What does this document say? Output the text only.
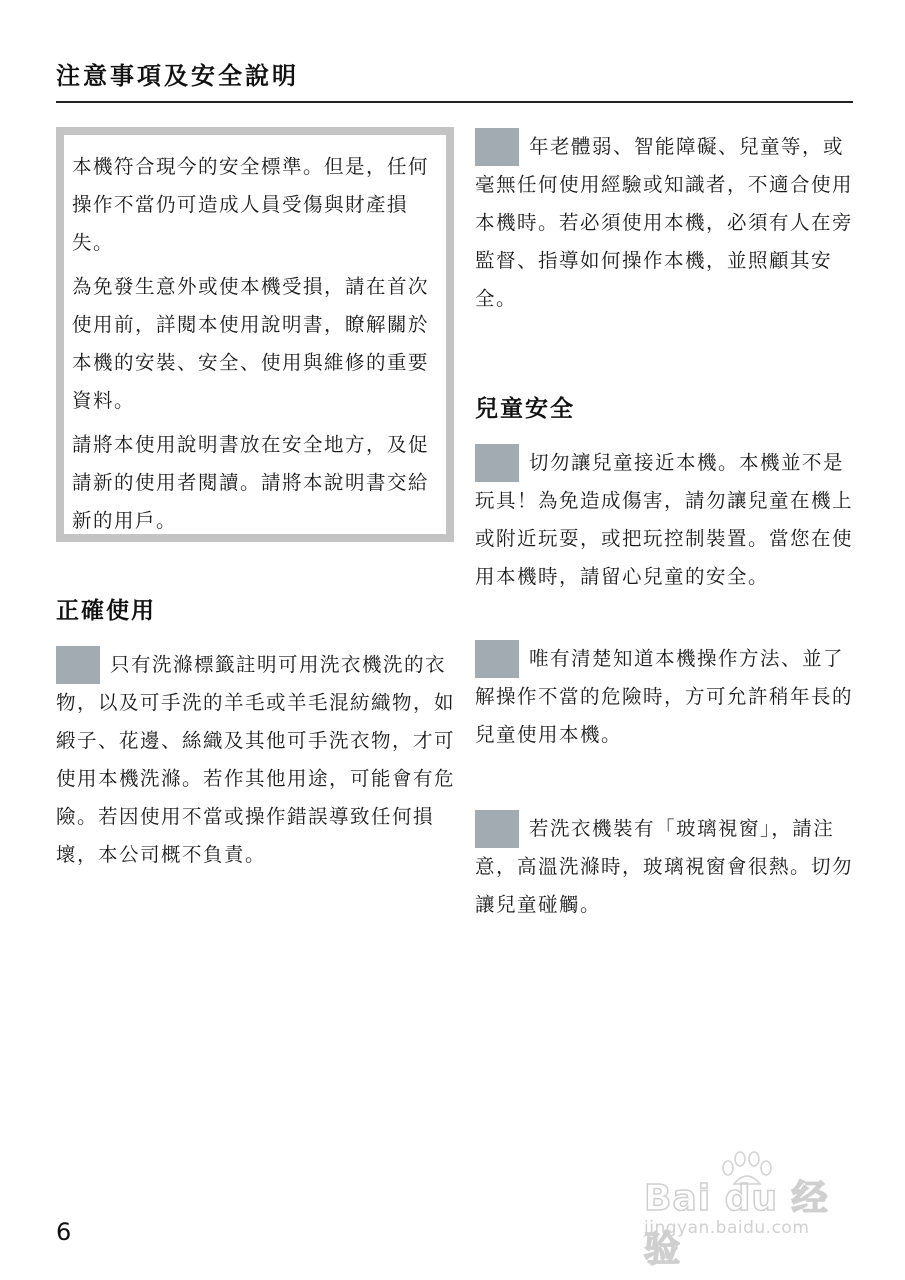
注意事項及安全說明

本機符合現今的安全標準。但是，任何操作不當仍可造成人員受傷與財產損失。

為免發生意外或使本機受損，請在首次使用前，詳閱本使用說明書，瞭解關於本機的安裝、安全、使用與維修的重要資料。

請將本使用說明書放在安全地方，及促請新的使用者閱讀。請將本說明書交給新的用戶。

正確使用

只有洗滌標籤註明可用洗衣機洗的衣物，以及可手洗的羊毛或羊毛混紡織物，如緞子、花邊、絲織及其他可手洗衣物，才可使用本機洗滌。若作其他用途，可能會有危險。若因使用不當或操作錯誤導致任何損壞，本公司概不負責。

年老體弱、智能障礙、兒童等，或毫無任何使用經驗或知識者，不適合使用本機時。若必須使用本機，必須有人在旁監督、指導如何操作本機，並照顧其安全。

兒童安全

切勿讓兒童接近本機。本機並不是玩具！為免造成傷害，請勿讓兒童在機上或附近玩耍，或把玩控制裝置。當您在使用本機時，請留心兒童的安全。

唯有清楚知道本機操作方法、並了解操作不當的危險時，方可允許稍年長的兒童使用本機。

若洗衣機裝有「玻璃視窗」，請注意，高溫洗滌時，玻璃視窗會很熱。切勿讓兒童碰觸。

6
Bai du 经验
jingyan.baidu.com
